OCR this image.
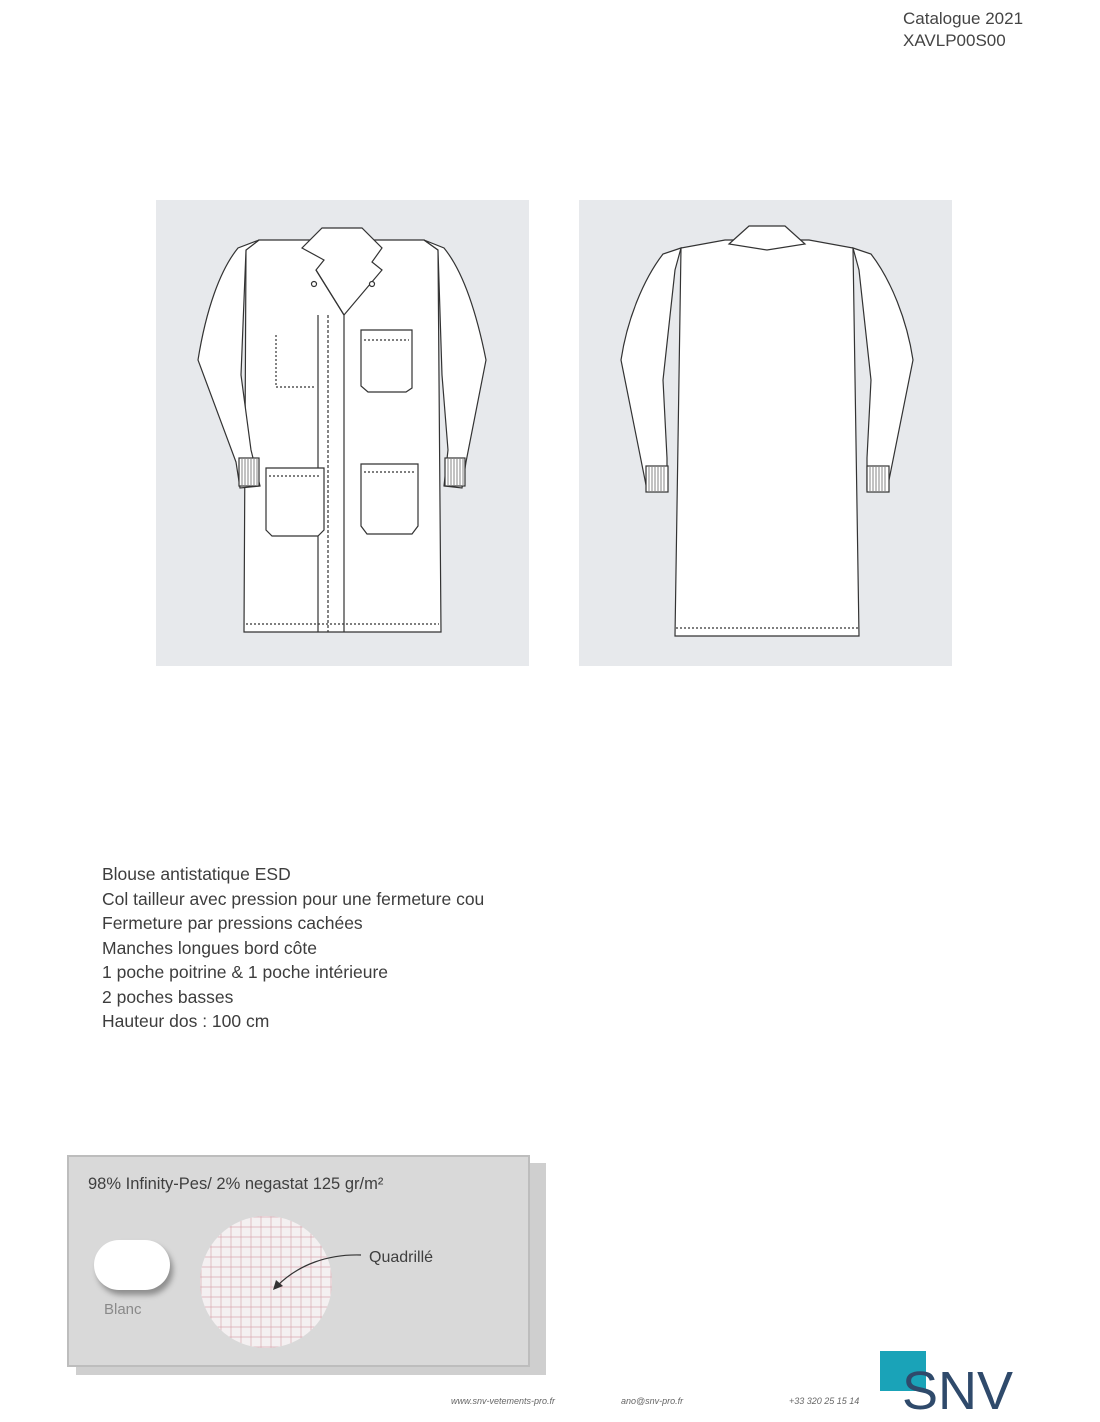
Catalogue 2021
XAVLP00S00
Blouse antistatique ESD
Col tailleur avec pression pour une fermeture cou
Fermeture par pressions cachées
Manches longues bord côte
1 poche poitrine & 1 poche intérieure
2 poches basses
Hauteur dos : 100 cm
98% Infinity-Pes/ 2% negastat 125 gr/m²
Blanc
Quadrillé
www.snv-vetements-pro.fr	ano@snv-pro.fr	+33 320 25 15 14 SNV
